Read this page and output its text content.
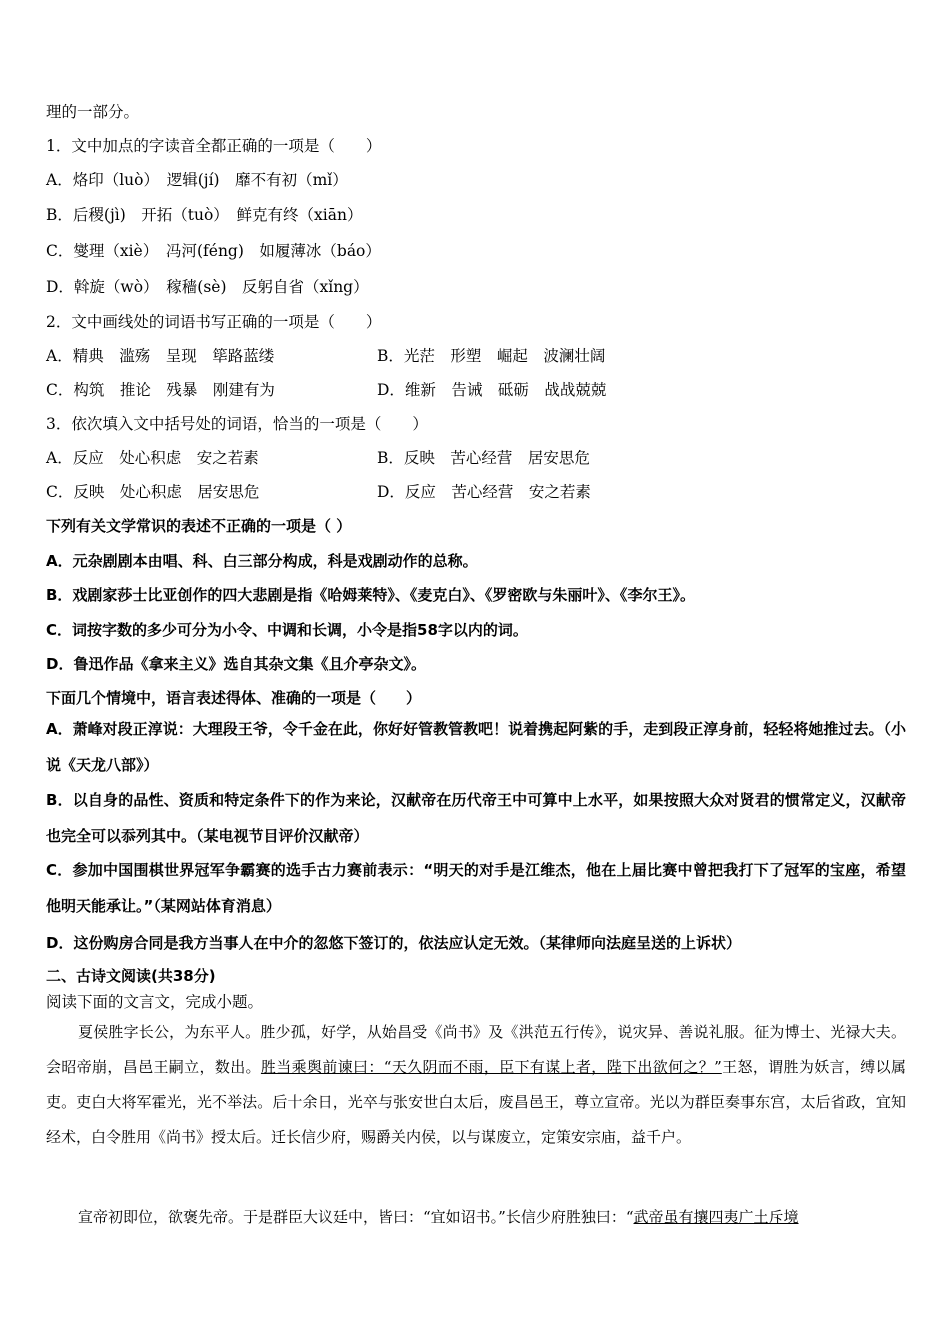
理的一部分。
1．文中加点的字读音全都正确的一项是（　　）
A．烙印（luò）　逻辑(jí)　靡不有初（mǐ）
B．后稷(jì)　开拓（tuò）　鲜克有终（xiān）
C．燮理（xiè）　冯河(féng)　如履薄冰（báo）
D．斡旋（wò）　稼穑(sè)　反躬自省（xǐng）
2．文中画线处的词语书写正确的一项是（　　）
A．精典　滥殇　呈现　筚路蓝缕	B．光茫　形塑　崛起　波澜壮阔
C．构筑　推论　残暴　刚建有为	D．维新　告诫　砥砺　战战兢兢
3．依次填入文中括号处的词语，恰当的一项是（　　）
A．反应　处心积虑　安之若素	B．反映　苦心经营　居安思危
C．反映　处心积虑　居安思危	D．反应　苦心经营　安之若素
下列有关文学常识的表述不正确的一项是（ ）
A．元杂剧剧本由唱、科、白三部分构成，科是戏剧动作的总称。
B．戏剧家莎士比亚创作的四大悲剧是指《哈姆莱特》、《麦克白》、《罗密欧与朱丽叶》、《李尔王》。
C．词按字数的多少可分为小令、中调和长调，小令是指58字以内的词。
D．鲁迅作品《拿来主义》选自其杂文集《且介亭杂文》。
下面几个情境中，语言表述得体、准确的一项是（　　）
A．萧峰对段正淳说：大理段王爷，令千金在此，你好好管教管教吧！说着携起阿紫的手，走到段正淳身前，轻轻将她推过去。（小说《天龙八部》）
B．以自身的品性、资质和特定条件下的作为来论，汉献帝在历代帝王中可算中上水平，如果按照大众对贤君的惯常定义，汉献帝也完全可以忝列其中。（某电视节目评价汉献帝）
C．参加中国围棋世界冠军争霸赛的选手古力赛前表示：“明天的对手是江维杰，他在上届比赛中曾把我打下了冠军的宝座，希望他明天能承让。”（某网站体育消息）
D．这份购房合同是我方当事人在中介的忽悠下签订的，依法应认定无效。（某律师向法庭呈送的上诉状）
二、古诗文阅读(共38分)
阅读下面的文言文，完成小题。
夏侯胜字长公，为东平人。胜少孤，好学，从始昌受《尚书》及《洪范五行传》，说灾异、善说礼服。征为博士、光禄大夫。会昭帝崩，昌邑王嗣立，数出。胜当乘舆前谏曰：“天久阴而不雨，臣下有谋上者，陛下出欲何之？”王怒，谓胜为妖言，缚以属吏。吏白大将军霍光，光不举法。后十余日，光卒与张安世白太后，废昌邑王，尊立宣帝。光以为群臣奏事东宫，太后省政，宜知经术，白令胜用《尚书》授太后。迁长信少府，赐爵关内侯，以与谋废立，定策安宗庙，益千户。
宣帝初即位，欲褒先帝。于是群臣大议廷中，皆曰：“宜如诏书。”长信少府胜独曰：“武帝虽有攘四夷广土斥境
